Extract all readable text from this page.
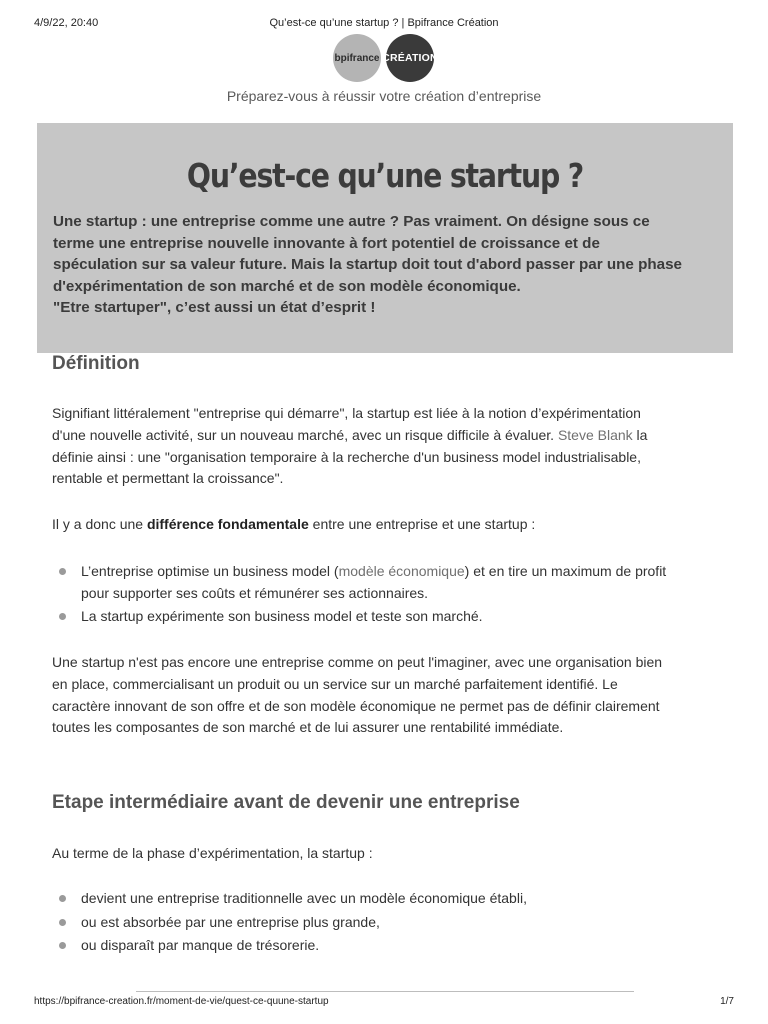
4/9/22, 20:40	Qu’est-ce qu’une startup ? | Bpifrance Création
bpifrance CRÉATION
Préparez-vous à réussir votre création d’entreprise
Qu’est-ce qu’une startup ?
Une startup : une entreprise comme une autre ? Pas vraiment. On désigne sous ce
terme une entreprise nouvelle innovante à fort potentiel de croissance et de
spéculation sur sa valeur future. Mais la startup doit tout d'abord passer par une phase
d'expérimentation de son marché et de son modèle économique.
"Etre startuper", c’est aussi un état d’esprit !
Définition
Signifiant littéralement "entreprise qui démarre", la startup est liée à la notion d’expérimentation
d'une nouvelle activité, sur un nouveau marché, avec un risque difficile à évaluer. Steve Blank la
définie ainsi : une "organisation temporaire à la recherche d'un business model industrialisable,
rentable et permettant la croissance".
Il y a donc une différence fondamentale entre une entreprise et une startup :
L’entreprise optimise un business model (modèle économique) et en tire un maximum de profit
pour supporter ses coûts et rémunérer ses actionnaires.
La startup expérimente son business model et teste son marché.
Une startup n'est pas encore une entreprise comme on peut l'imaginer, avec une organisation bien
en place, commercialisant un produit ou un service sur un marché parfaitement identifié. Le
caractère innovant de son offre et de son modèle économique ne permet pas de définir clairement
toutes les composantes de son marché et de lui assurer une rentabilité immédiate.
Etape intermédiaire avant de devenir une entreprise
Au terme de la phase d’expérimentation, la startup :
devient une entreprise traditionnelle avec un modèle économique établi,
ou est absorbée par une entreprise plus grande,
ou disparaît par manque de trésorerie.
https://bpifrance-creation.fr/moment-de-vie/quest-ce-quune-startup	1/7
